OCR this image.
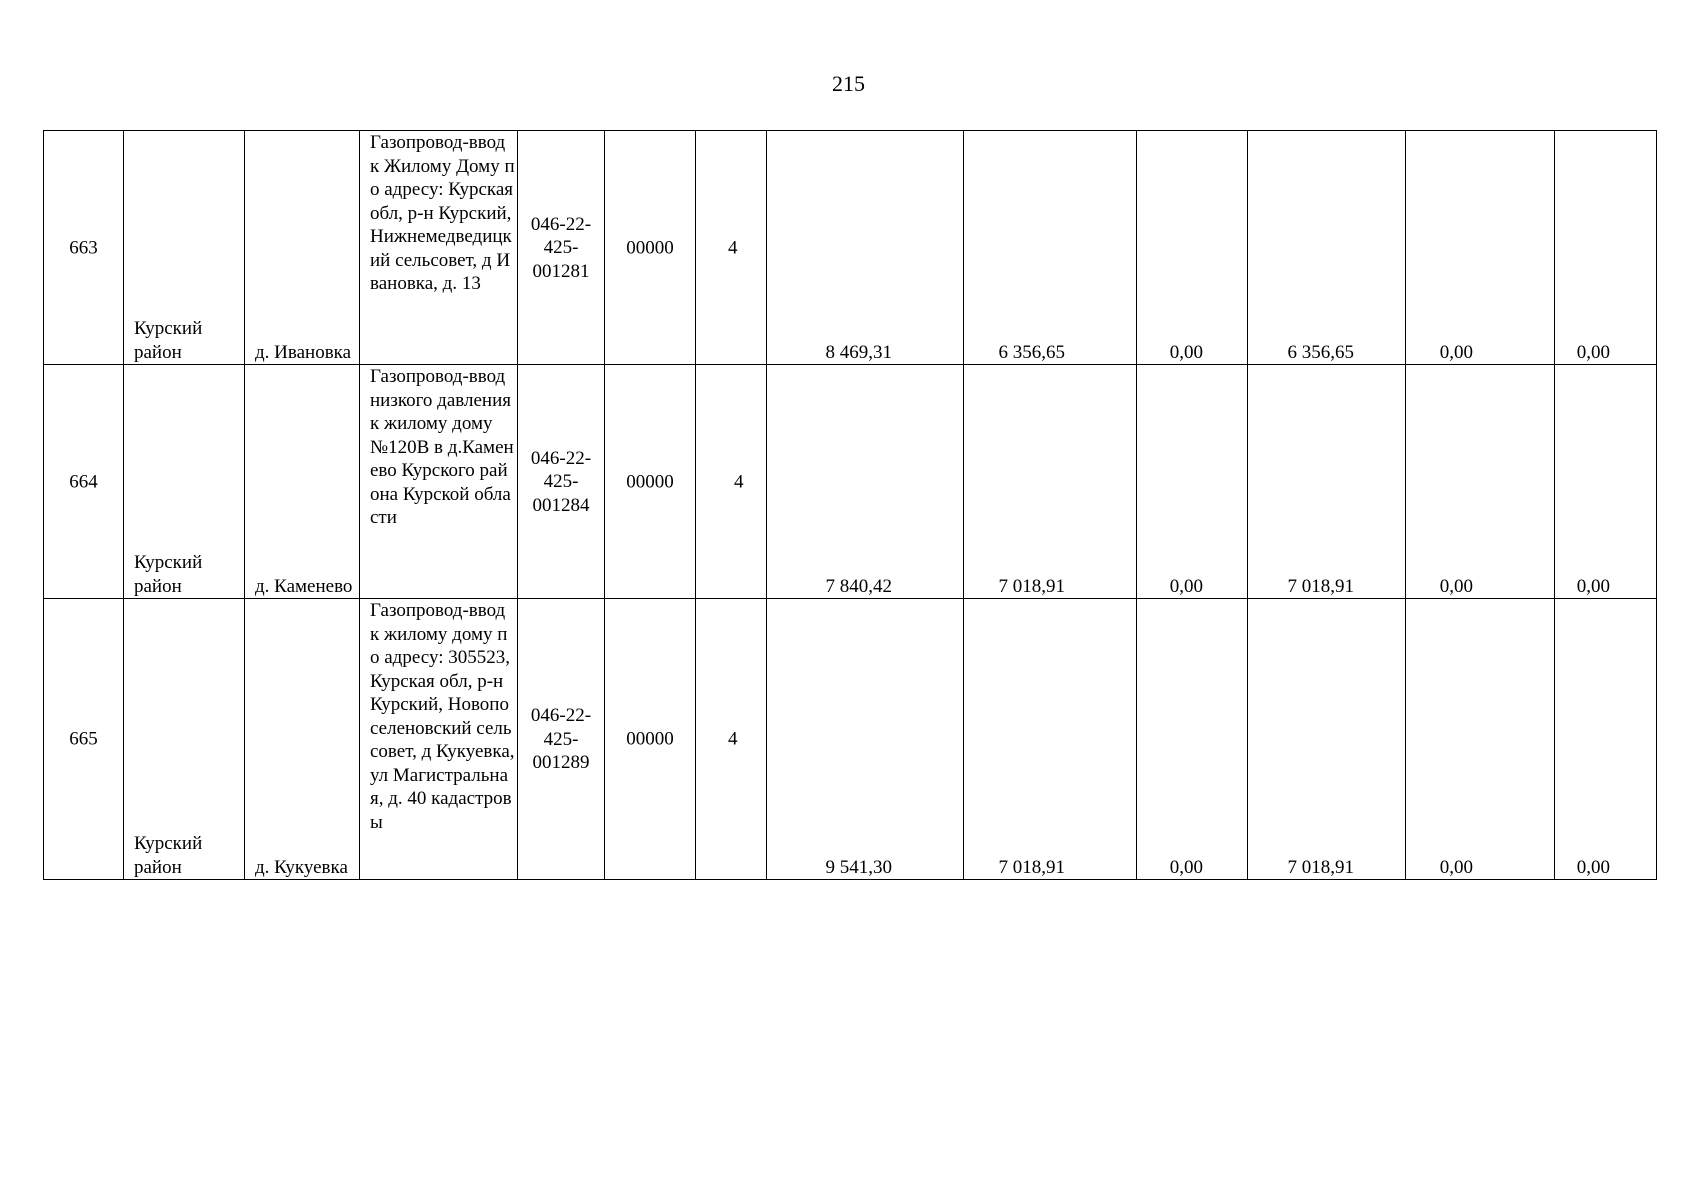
215
663	Курский район	д. Ивановка	Газопровод-ввод к Жилому Дому по адресу: Курская обл, р-н Курский, Нижнемедведицкий сельсовет, д Ивановка, д. 13	046-22-
425-
001281	00000	4	8 469,31	6 356,65	0,00	6 356,65	0,00	0,00

664	Курский район	д. Каменево	Газопровод-ввод низкого давления к жилому дому №120В в д.Каменево Курского района Курской области	046-22-
425-
001284	00000	4	7 840,42	7 018,91	0,00	7 018,91	0,00	0,00

665	Курский район	д. Кукуевка	Газопровод-ввод к жилому дому по адресу: 305523, Курская обл, р-н Курский, Новопоселеновский сельсовет, д Кукуевка, ул Магистральная, д. 40 кадастровы	046-22-
425-
001289	00000	4	9 541,30	7 018,91	0,00	7 018,91	0,00	0,00
